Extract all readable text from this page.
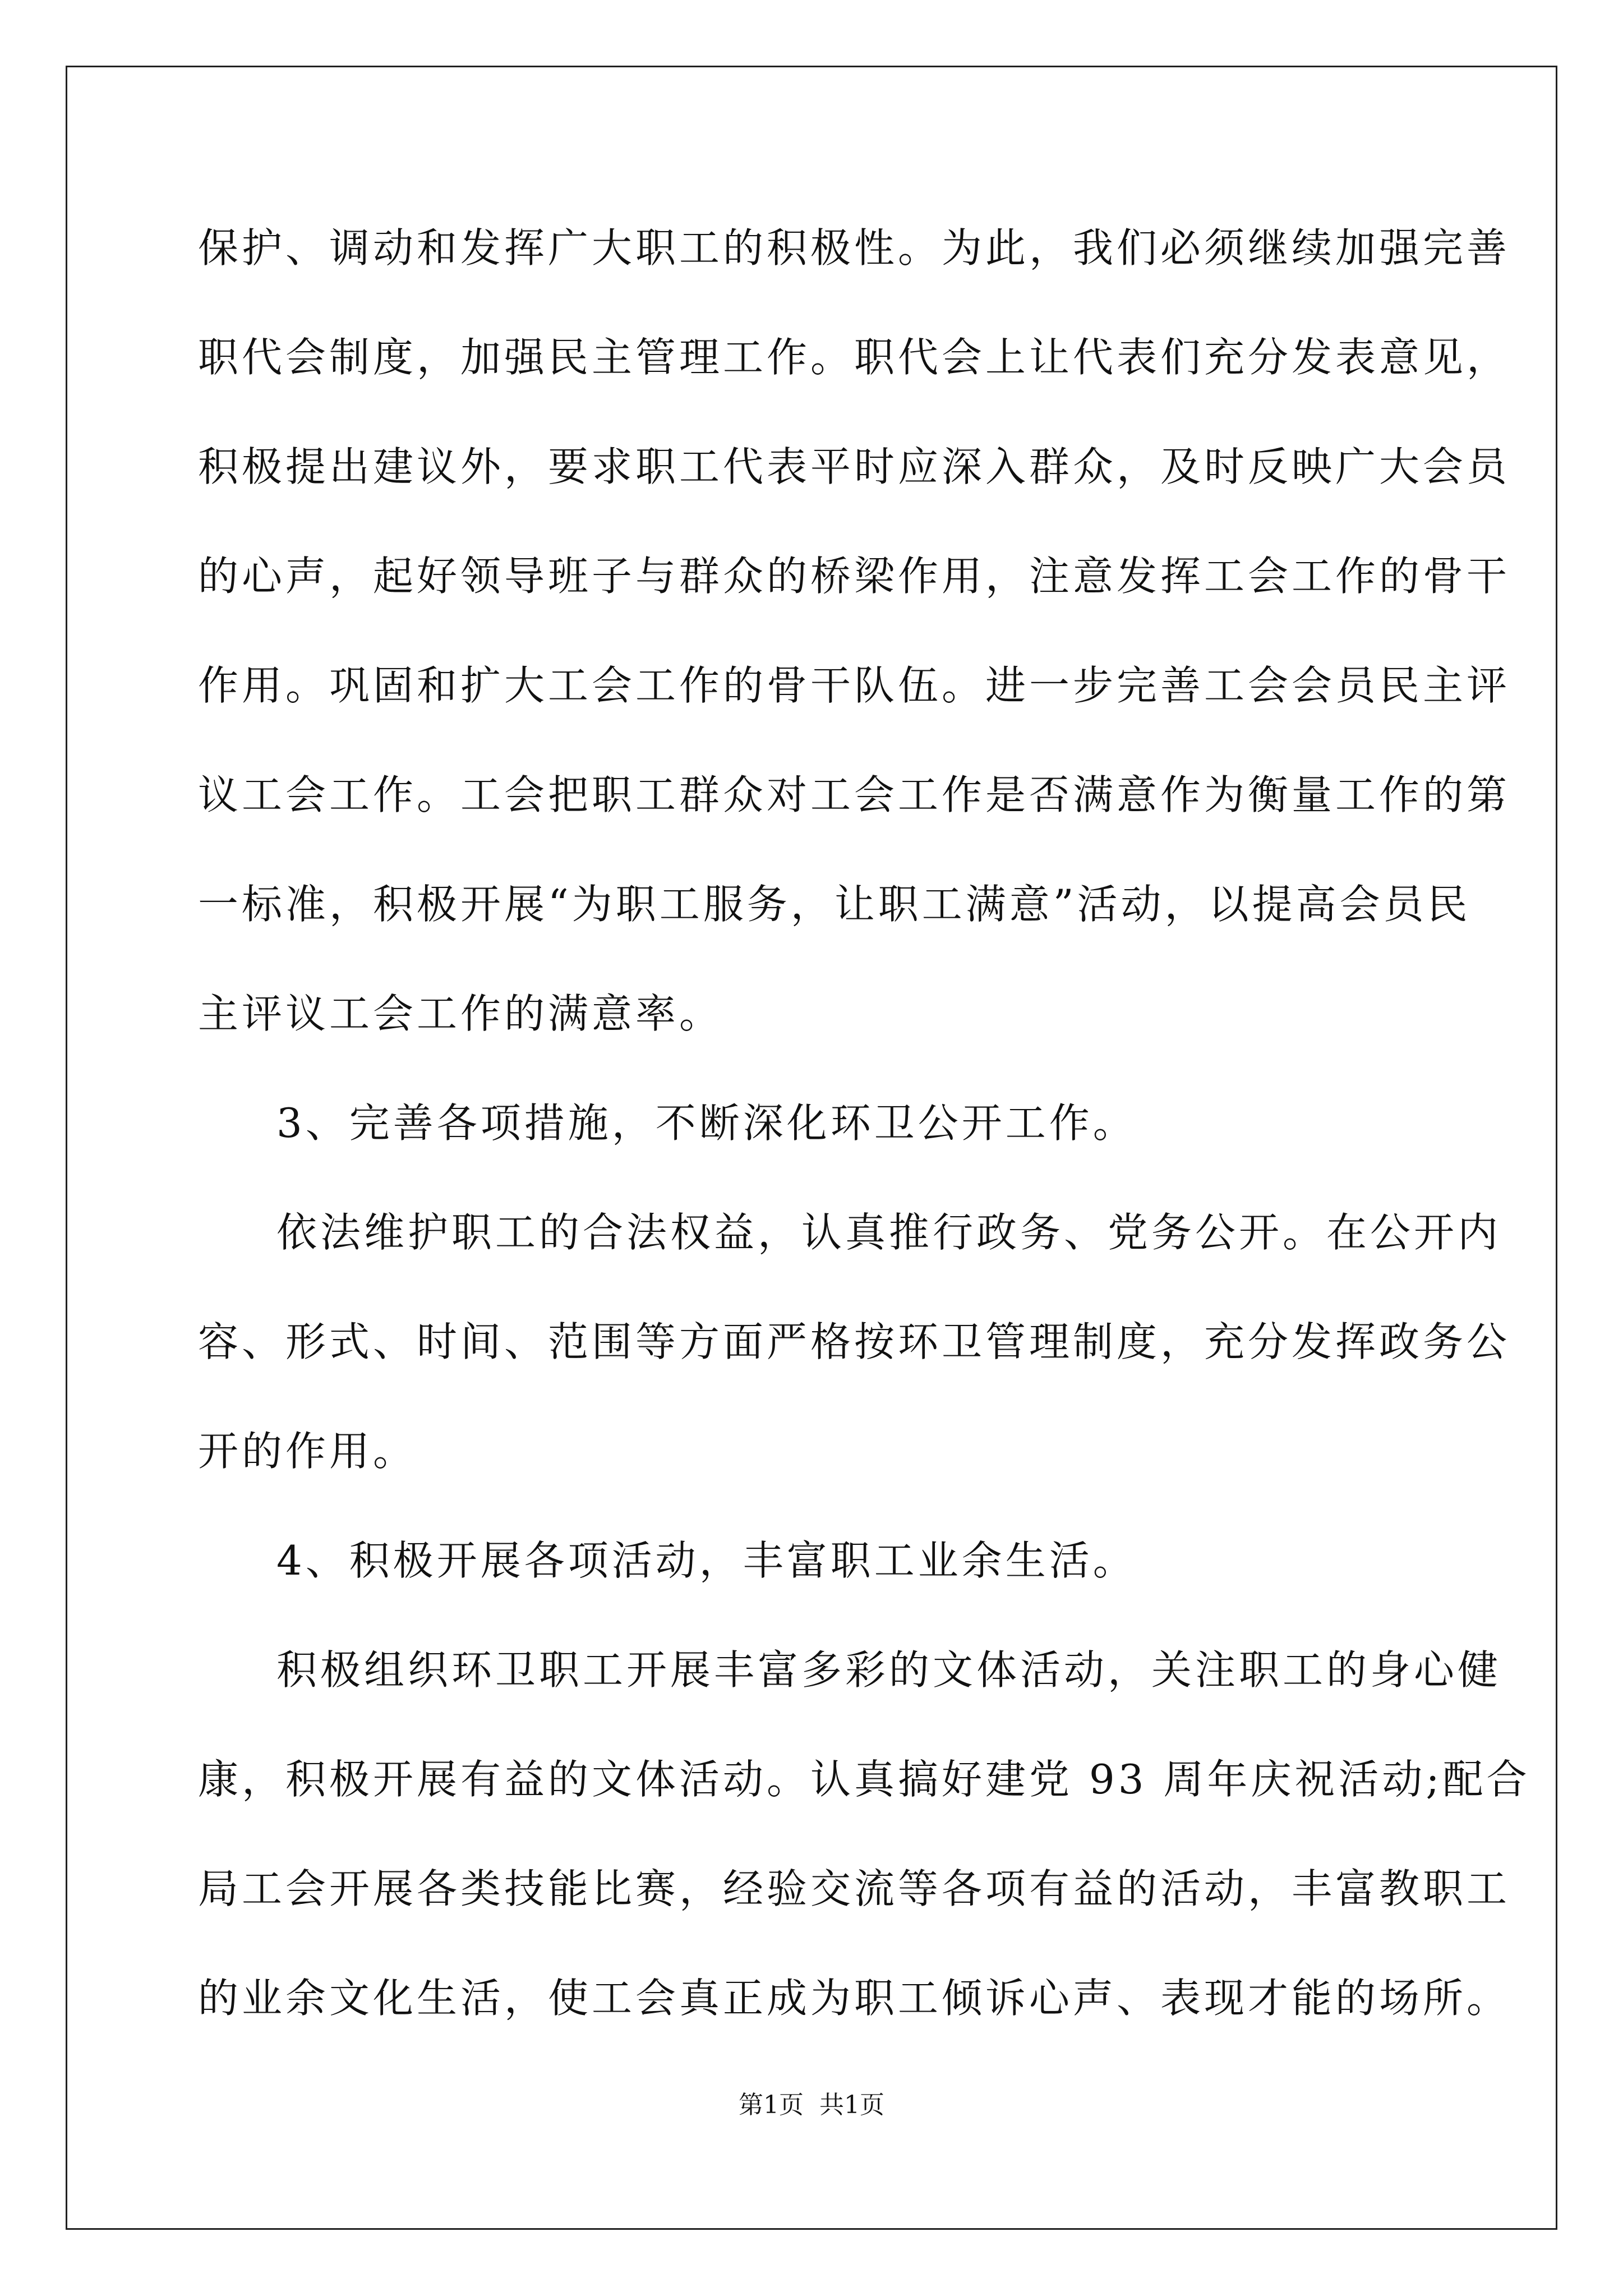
保护、调动和发挥广大职工的积极性。为此，我们必须继续加强完善
职代会制度，加强民主管理工作。职代会上让代表们充分发表意见，
积极提出建议外，要求职工代表平时应深入群众，及时反映广大会员
的心声，起好领导班子与群众的桥梁作用，注意发挥工会工作的骨干
作用。巩固和扩大工会工作的骨干队伍。进一步完善工会会员民主评
议工会工作。工会把职工群众对工会工作是否满意作为衡量工作的第
一标准，积极开展“为职工服务，让职工满意”活动，以提高会员民
主评议工会工作的满意率。
3、完善各项措施，不断深化环卫公开工作。
依法维护职工的合法权益，认真推行政务、党务公开。在公开内
容、形式、时间、范围等方面严格按环卫管理制度，充分发挥政务公
开的作用。
4、积极开展各项活动，丰富职工业余生活。
积极组织环卫职工开展丰富多彩的文体活动，关注职工的身心健
康，积极开展有益的文体活动。认真搞好建党 93 周年庆祝活动;配合
局工会开展各类技能比赛，经验交流等各项有益的活动，丰富教职工
的业余文化生活，使工会真正成为职工倾诉心声、表现才能的场所。
第1页 共1页
